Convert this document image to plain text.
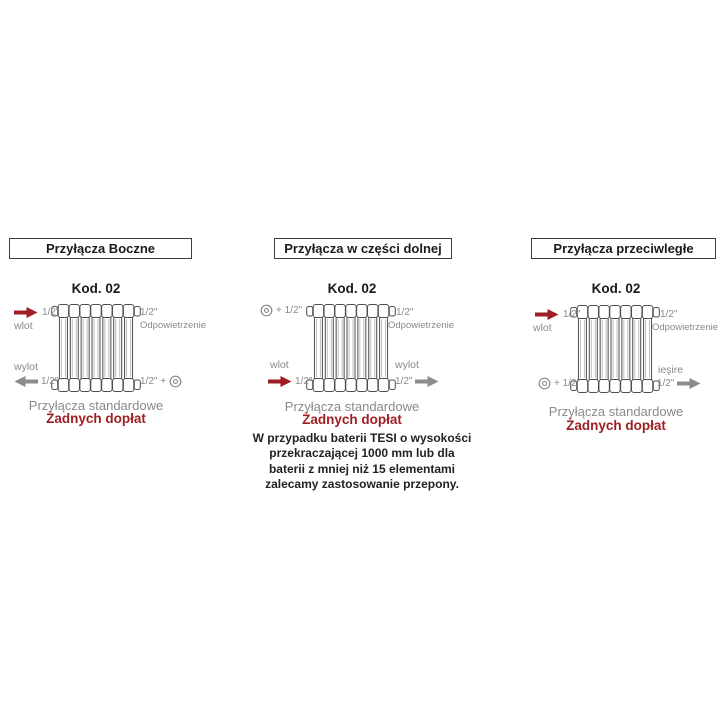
Przyłącza Boczne
Kod. 02
1/2"
wlot
1/2"
Odpowietrzenie
wylot
1/2"	1/2" +
Przyłącza standardowe
Żadnych dopłat
Przyłącza w części dolnej
Kod. 02
+ 1/2"	1/2"
Odpowietrzenie
wlot
1/2"
wylot
1/2"
Przyłącza standardowe
Żadnych dopłat
W przypadku baterii TESI o wysokości
przekraczającej 1000 mm lub dla
baterii z mniej niż 15 elementami
zalecamy zastosowanie przepony.
Przyłącza przeciwległe
Kod. 02
1/2"
wlot
1/2"
Odpowietrzenie
+ 1/2"
ieşire
1/2"
Przyłącza standardowe
Żadnych dopłat
